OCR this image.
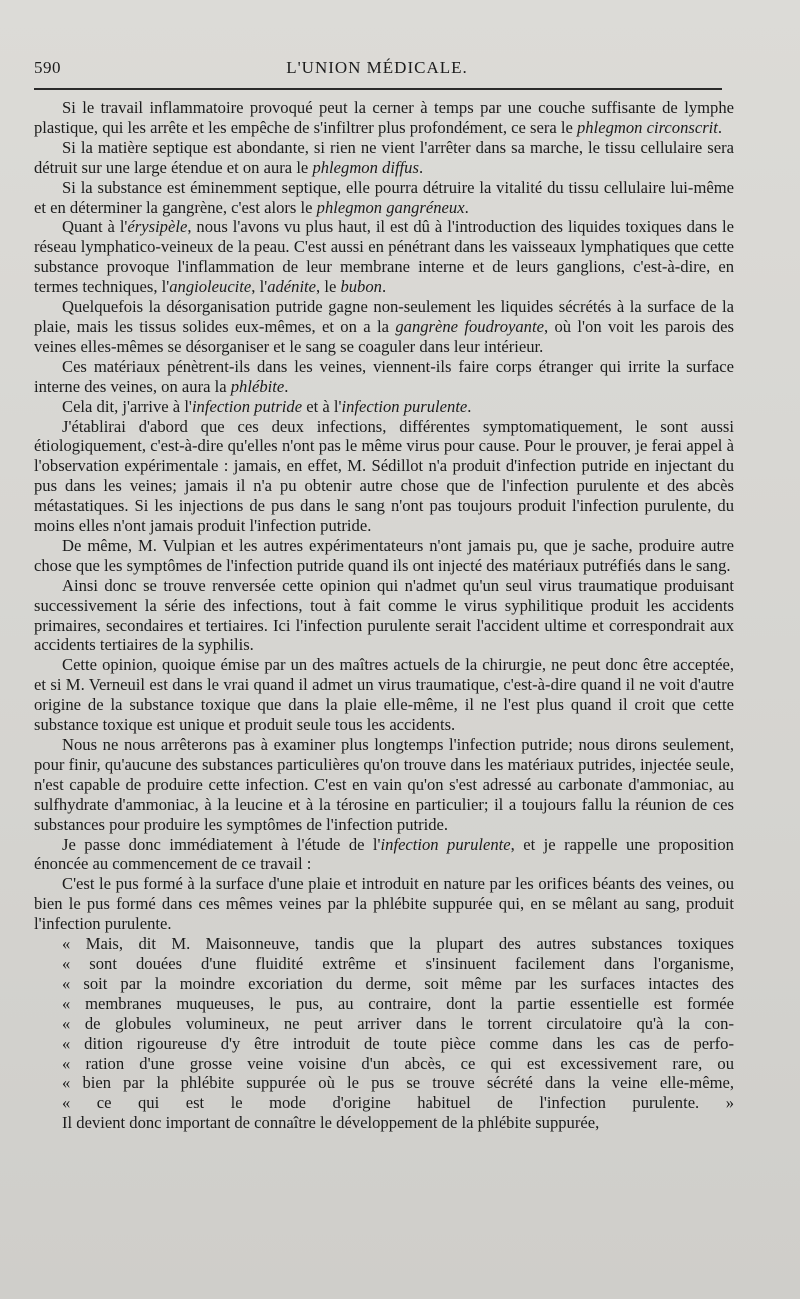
590	L'UNION MÉDICALE.

Si le travail inflammatoire provoqué peut la cerner à temps par une couche suffisante de lymphe plastique, qui les arrête et les empêche de s'infiltrer plus profondément, ce sera le phlegmon circonscrit.

Si la matière septique est abondante, si rien ne vient l'arrêter dans sa marche, le tissu cellulaire sera détruit sur une large étendue et on aura le phlegmon diffus.

Si la substance est éminemment septique, elle pourra détruire la vitalité du tissu cellulaire lui-même et en déterminer la gangrène, c'est alors le phlegmon gangréneux.

Quant à l'érysipèle, nous l'avons vu plus haut, il est dû à l'introduction des liquides toxiques dans le réseau lymphatico-veineux de la peau. C'est aussi en pénétrant dans les vaisseaux lymphatiques que cette substance provoque l'inflammation de leur membrane interne et de leurs ganglions, c'est-à-dire, en termes techniques, l'angioleucite, l'adénite, le bubon.

Quelquefois la désorganisation putride gagne non-seulement les liquides sécrétés à la surface de la plaie, mais les tissus solides eux-mêmes, et on a la gangrène foudroyante, où l'on voit les parois des veines elles-mêmes se désorganiser et le sang se coaguler dans leur intérieur.

Ces matériaux pénètrent-ils dans les veines, viennent-ils faire corps étranger qui irrite la surface interne des veines, on aura la phlébite.

Cela dit, j'arrive à l'infection putride et à l'infection purulente.

J'établirai d'abord que ces deux infections, différentes symptomatiquement, le sont aussi étiologiquement, c'est-à-dire qu'elles n'ont pas le même virus pour cause. Pour le prouver, je ferai appel à l'observation expérimentale : jamais, en effet, M. Sédillot n'a produit d'infection putride en injectant du pus dans les veines; jamais il n'a pu obtenir autre chose que de l'infection purulente et des abcès métastatiques. Si les injections de pus dans le sang n'ont pas toujours produit l'infection purulente, du moins elles n'ont jamais produit l'infection putride.

De même, M. Vulpian et les autres expérimentateurs n'ont jamais pu, que je sache, produire autre chose que les symptômes de l'infection putride quand ils ont injecté des matériaux putréfiés dans le sang.

Ainsi donc se trouve renversée cette opinion qui n'admet qu'un seul virus traumatique produisant successivement la série des infections, tout à fait comme le virus syphilitique produit les accidents primaires, secondaires et tertiaires. Ici l'infection purulente serait l'accident ultime et correspondrait aux accidents tertiaires de la syphilis.

Cette opinion, quoique émise par un des maîtres actuels de la chirurgie, ne peut donc être acceptée, et si M. Verneuil est dans le vrai quand il admet un virus traumatique, c'est-à-dire quand il ne voit d'autre origine de la substance toxique que dans la plaie elle-même, il ne l'est plus quand il croit que cette substance toxique est unique et produit seule tous les accidents.

Nous ne nous arrêterons pas à examiner plus longtemps l'infection putride; nous dirons seulement, pour finir, qu'aucune des substances particulières qu'on trouve dans les matériaux putrides, injectée seule, n'est capable de produire cette infection. C'est en vain qu'on s'est adressé au carbonate d'ammoniac, au sulfhydrate d'ammoniac, à la leucine et à la térosine en particulier; il a toujours fallu la réunion de ces substances pour produire les symptômes de l'infection putride.

Je passe donc immédiatement à l'étude de l'infection purulente, et je rappelle une proposition énoncée au commencement de ce travail :

C'est le pus formé à la surface d'une plaie et introduit en nature par les orifices béants des veines, ou bien le pus formé dans ces mêmes veines par la phlébite suppurée qui, en se mêlant au sang, produit l'infection purulente.

« Mais, dit M. Maisonneuve, tandis que la plupart des autres substances toxiques

« sont douées d'une fluidité extrême et s'insinuent facilement dans l'organisme,

« soit par la moindre excoriation du derme, soit même par les surfaces intactes des

« membranes muqueuses, le pus, au contraire, dont la partie essentielle est formée

« de globules volumineux, ne peut arriver dans le torrent circulatoire qu'à la con-

« dition rigoureuse d'y être introduit de toute pièce comme dans les cas de perfo-

« ration d'une grosse veine voisine d'un abcès, ce qui est excessivement rare, ou

« bien par la phlébite suppurée où le pus se trouve sécrété dans la veine elle-même,

« ce qui est le mode d'origine habituel de l'infection purulente. »

Il devient donc important de connaître le développement de la phlébite suppurée,
